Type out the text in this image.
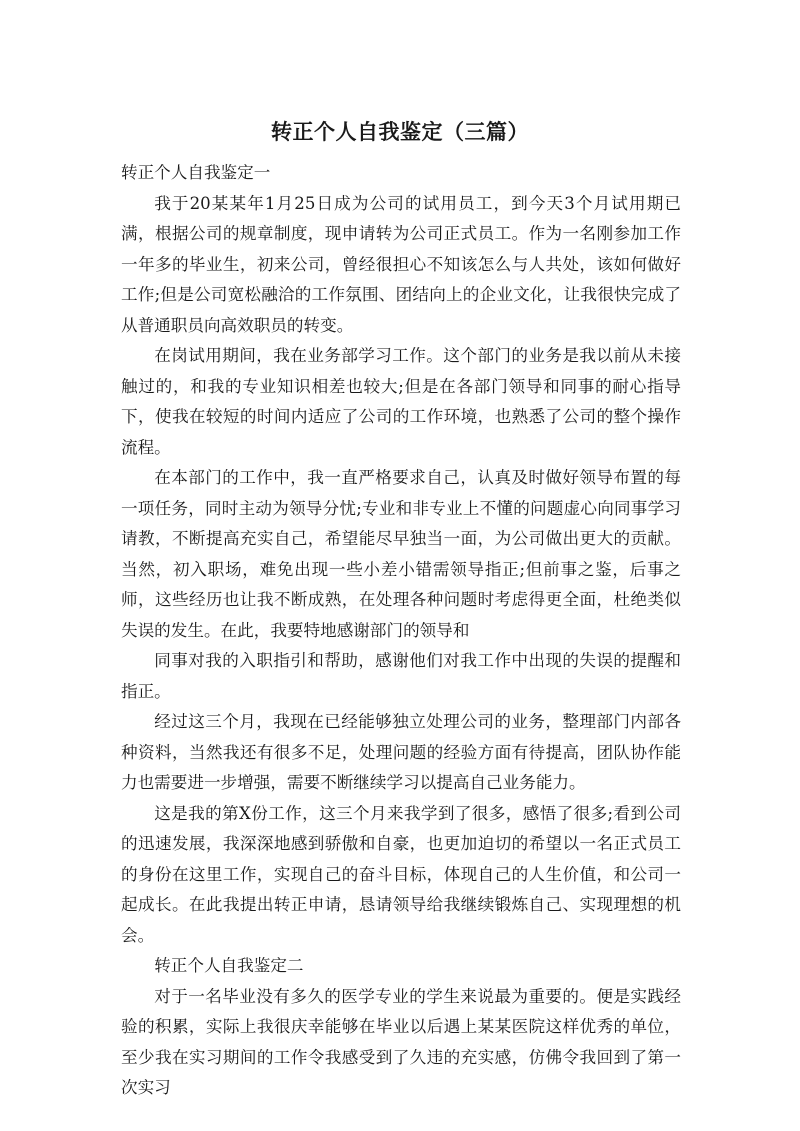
转正个人自我鉴定（三篇）

转正个人自我鉴定一

我于20某某年1月25日成为公司的试用员工，到今天3个月试用期已满，根据公司的规章制度，现申请转为公司正式员工。作为一名刚参加工作一年多的毕业生，初来公司，曾经很担心不知该怎么与人共处，该如何做好工作;但是公司宽松融洽的工作氛围、团结向上的企业文化，让我很快完成了从普通职员向高效职员的转变。

在岗试用期间，我在业务部学习工作。这个部门的业务是我以前从未接触过的，和我的专业知识相差也较大;但是在各部门领导和同事的耐心指导下，使我在较短的时间内适应了公司的工作环境，也熟悉了公司的整个操作流程。

在本部门的工作中，我一直严格要求自己，认真及时做好领导布置的每一项任务，同时主动为领导分忧;专业和非专业上不懂的问题虚心向同事学习请教，不断提高充实自己，希望能尽早独当一面，为公司做出更大的贡献。当然，初入职场，难免出现一些小差小错需领导指正;但前事之鉴，后事之师，这些经历也让我不断成熟，在处理各种问题时考虑得更全面，杜绝类似失误的发生。在此，我要特地感谢部门的领导和

同事对我的入职指引和帮助，感谢他们对我工作中出现的失误的提醒和指正。

经过这三个月，我现在已经能够独立处理公司的业务，整理部门内部各种资料，当然我还有很多不足，处理问题的经验方面有待提高，团队协作能力也需要进一步增强，需要不断继续学习以提高自己业务能力。

这是我的第X份工作，这三个月来我学到了很多，感悟了很多;看到公司的迅速发展，我深深地感到骄傲和自豪，也更加迫切的希望以一名正式员工的身份在这里工作，实现自己的奋斗目标，体现自己的人生价值，和公司一起成长。在此我提出转正申请，恳请领导给我继续锻炼自己、实现理想的机会。

转正个人自我鉴定二

对于一名毕业没有多久的医学专业的学生来说最为重要的。便是实践经验的积累，实际上我很庆幸能够在毕业以后遇上某某医院这样优秀的单位，至少我在实习期间的工作令我感受到了久违的充实感，仿佛令我回到了第一次实习
